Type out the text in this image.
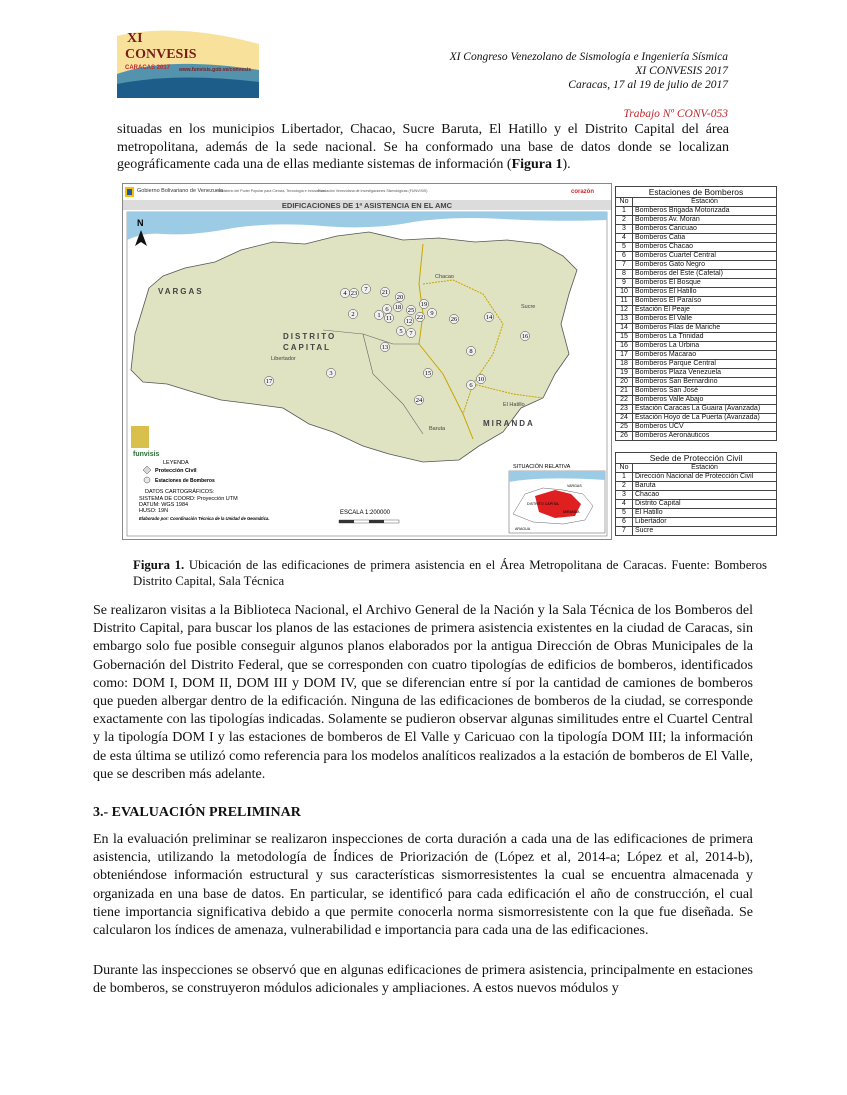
XI
CONVESIS
CARACAS 2017 www.funvisis.gob.ve/convesis
XI Congreso Venezolano de Sismología e Ingeniería Sísmica
XI CONVESIS 2017
Caracas, 17 al 19 de julio de 2017
Trabajo Nº CONV-053
situadas en los municipios Libertador, Chacao, Sucre Baruta, El Hatillo y el Distrito Capital del área metropolitana, además de la sede nacional. Se ha conformado una base de datos donde se localizan geográficamente cada una de ellas mediante sistemas de información (Figura 1).
Gobierno Bolivariano de Venezuela
Ministerio del Poder Popular para Ciencia, Tecnología e Innovación
Fundación Venezolana de Investigaciones Sismológicas (FUNVISIS)	corazón
EDIFICACIONES DE 1ª ASISTENCIA EN EL AMC
N
VARGAS
DISTRITO
CAPITAL
MIRANDA
Chacao
Sucre
Libertador
El Hatillo
Baruta
4 23
7 21
20
2
6 18 25
19
1 11 12
22
9
26	14
16
5 7
13
8
17
3	15
10
6
24
funvisis
LEYENDA
Protección Civil
Estaciones de Bomberos
DATOS CARTOGRÁFICOS:
SISTEMA DE COORD: Proyección UTM
DATUM: WGS 1984
HUSO: 19N
Elaborado por: Coordinación Técnica de la Unidad de Geomática.
ESCALA 1:200000
SITUACIÓN RELATIVA
VARGAS
DISTRITO CAPITAL
MIRANDA
ARAGUA
Estaciones de Bomberos	
No	Estación
1	Bomberos Brigada Motorizada
2	Bomberos Av. Moran
3	Bomberos Caricuao
4	Bomberos Catia
5	Bomberos Chacao
6	Bomberos Cuartel Central
7	Bomberos Gato Negro
8	Bomberos del Este (Cafetal)
9	Bomberos El Bosque
10	Bomberos El Hatillo
11	Bomberos El Paraíso
12	Estación El Peaje
13	Bomberos El Valle
14	Bomberos Filas de Mariche
15	Bomberos La Trinidad
16	Bomberos La Urbina
17	Bomberos Macarao
18	Bomberos Parque Central
19	Bomberos Plaza Venezuela
20	Bomberos San Bernardino
21	Bomberos San José
22	Bomberos Valle Abajo
23	Estación Caracas La Guaira (Avanzada)
24	Estación Hoyo de La Puerta (Avanzada)
25	Bomberos UCV
26	Bomberos Aeronáuticos
Sede de Protección Civil	
No	Estación
1	Dirección Nacional de Protección Civil
2	Baruta
3	Chacao
4	Distrito Capital
5	El Hatillo
6	Libertador
7	Sucre
Figura 1. Ubicación de las edificaciones de primera asistencia en el Área Metropolitana de Caracas. Fuente: Bomberos Distrito Capital, Sala Técnica
Se realizaron visitas a la Biblioteca Nacional, el Archivo General de la Nación y la Sala Técnica de los Bomberos del Distrito Capital, para buscar los planos de las estaciones de primera asistencia existentes en la ciudad de Caracas, sin embargo solo fue posible conseguir algunos planos elaborados por la antigua Dirección de Obras Municipales de la Gobernación del Distrito Federal, que se corresponden con cuatro tipologías de edificios de bomberos, identificados como: DOM I, DOM II, DOM III y DOM IV, que se diferencian entre sí por la cantidad de camiones de bomberos que pueden albergar dentro de la edificación. Ninguna de las edificaciones de bomberos de la ciudad, se corresponde exactamente con las tipologías indicadas. Solamente se pudieron observar algunas similitudes entre el Cuartel Central y la tipología DOM I y las estaciones de bomberos de El Valle y Caricuao con la tipología DOM III; la información de esta última se utilizó como referencia para los modelos analíticos realizados a la estación de bomberos de El Valle, que se describen más adelante.
3.- EVALUACIÓN PRELIMINAR
En la evaluación preliminar se realizaron inspecciones de corta duración a cada una de las edificaciones de primera asistencia, utilizando la metodología de Índices de Priorización de (López et al, 2014-a; López et al, 2014-b), obteniéndose información estructural y sus características sismorresistentes la cual se encuentra almacenada y organizada en una base de datos. En particular, se identificó para cada edificación el año de construcción, el cual tiene importancia significativa debido a que permite conocerla norma sismorresistente con la que fue diseñada. Se calcularon los índices de amenaza, vulnerabilidad e importancia para cada una de las edificaciones.
Durante las inspecciones se observó que en algunas edificaciones de primera asistencia, principalmente en estaciones de bomberos, se construyeron módulos adicionales y ampliaciones. A estos nuevos módulos y
